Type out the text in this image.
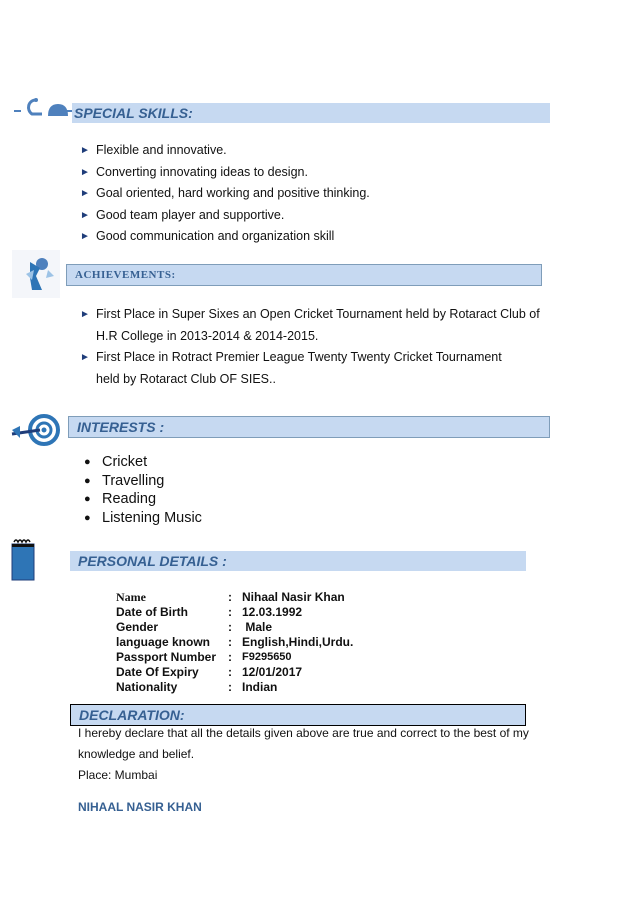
SPECIAL SKILLS:
► Flexible and innovative.
► Converting innovating ideas to design.
► Goal oriented, hard working and positive thinking.
► Good team player and supportive.
► Good communication and organization skill
ACHIEVEMENTS:
► First Place in Super Sixes an Open Cricket Tournament held by Rotaract Club of
H.R College in 2013-2014 & 2014-2015.
► First Place in Rotract Premier League Twenty Twenty Cricket Tournament
held by Rotaract Club OF SIES..
INTERESTS :
● Cricket
● Travelling
● Reading
● Listening Music
PERSONAL DETAILS :
Name	: Nihaal Nasir Khan
Date of Birth	: 12.03.1992
Gender	: Male
language known	: English,Hindi,Urdu.
Passport Number : F9295650
Date Of Expiry	: 12/01/2017
Nationality	: Indian
DECLARATION:
I hereby declare that all the details given above are true and correct to the best of my
knowledge and belief.
Place: Mumbai
NIHAAL NASIR KHAN
